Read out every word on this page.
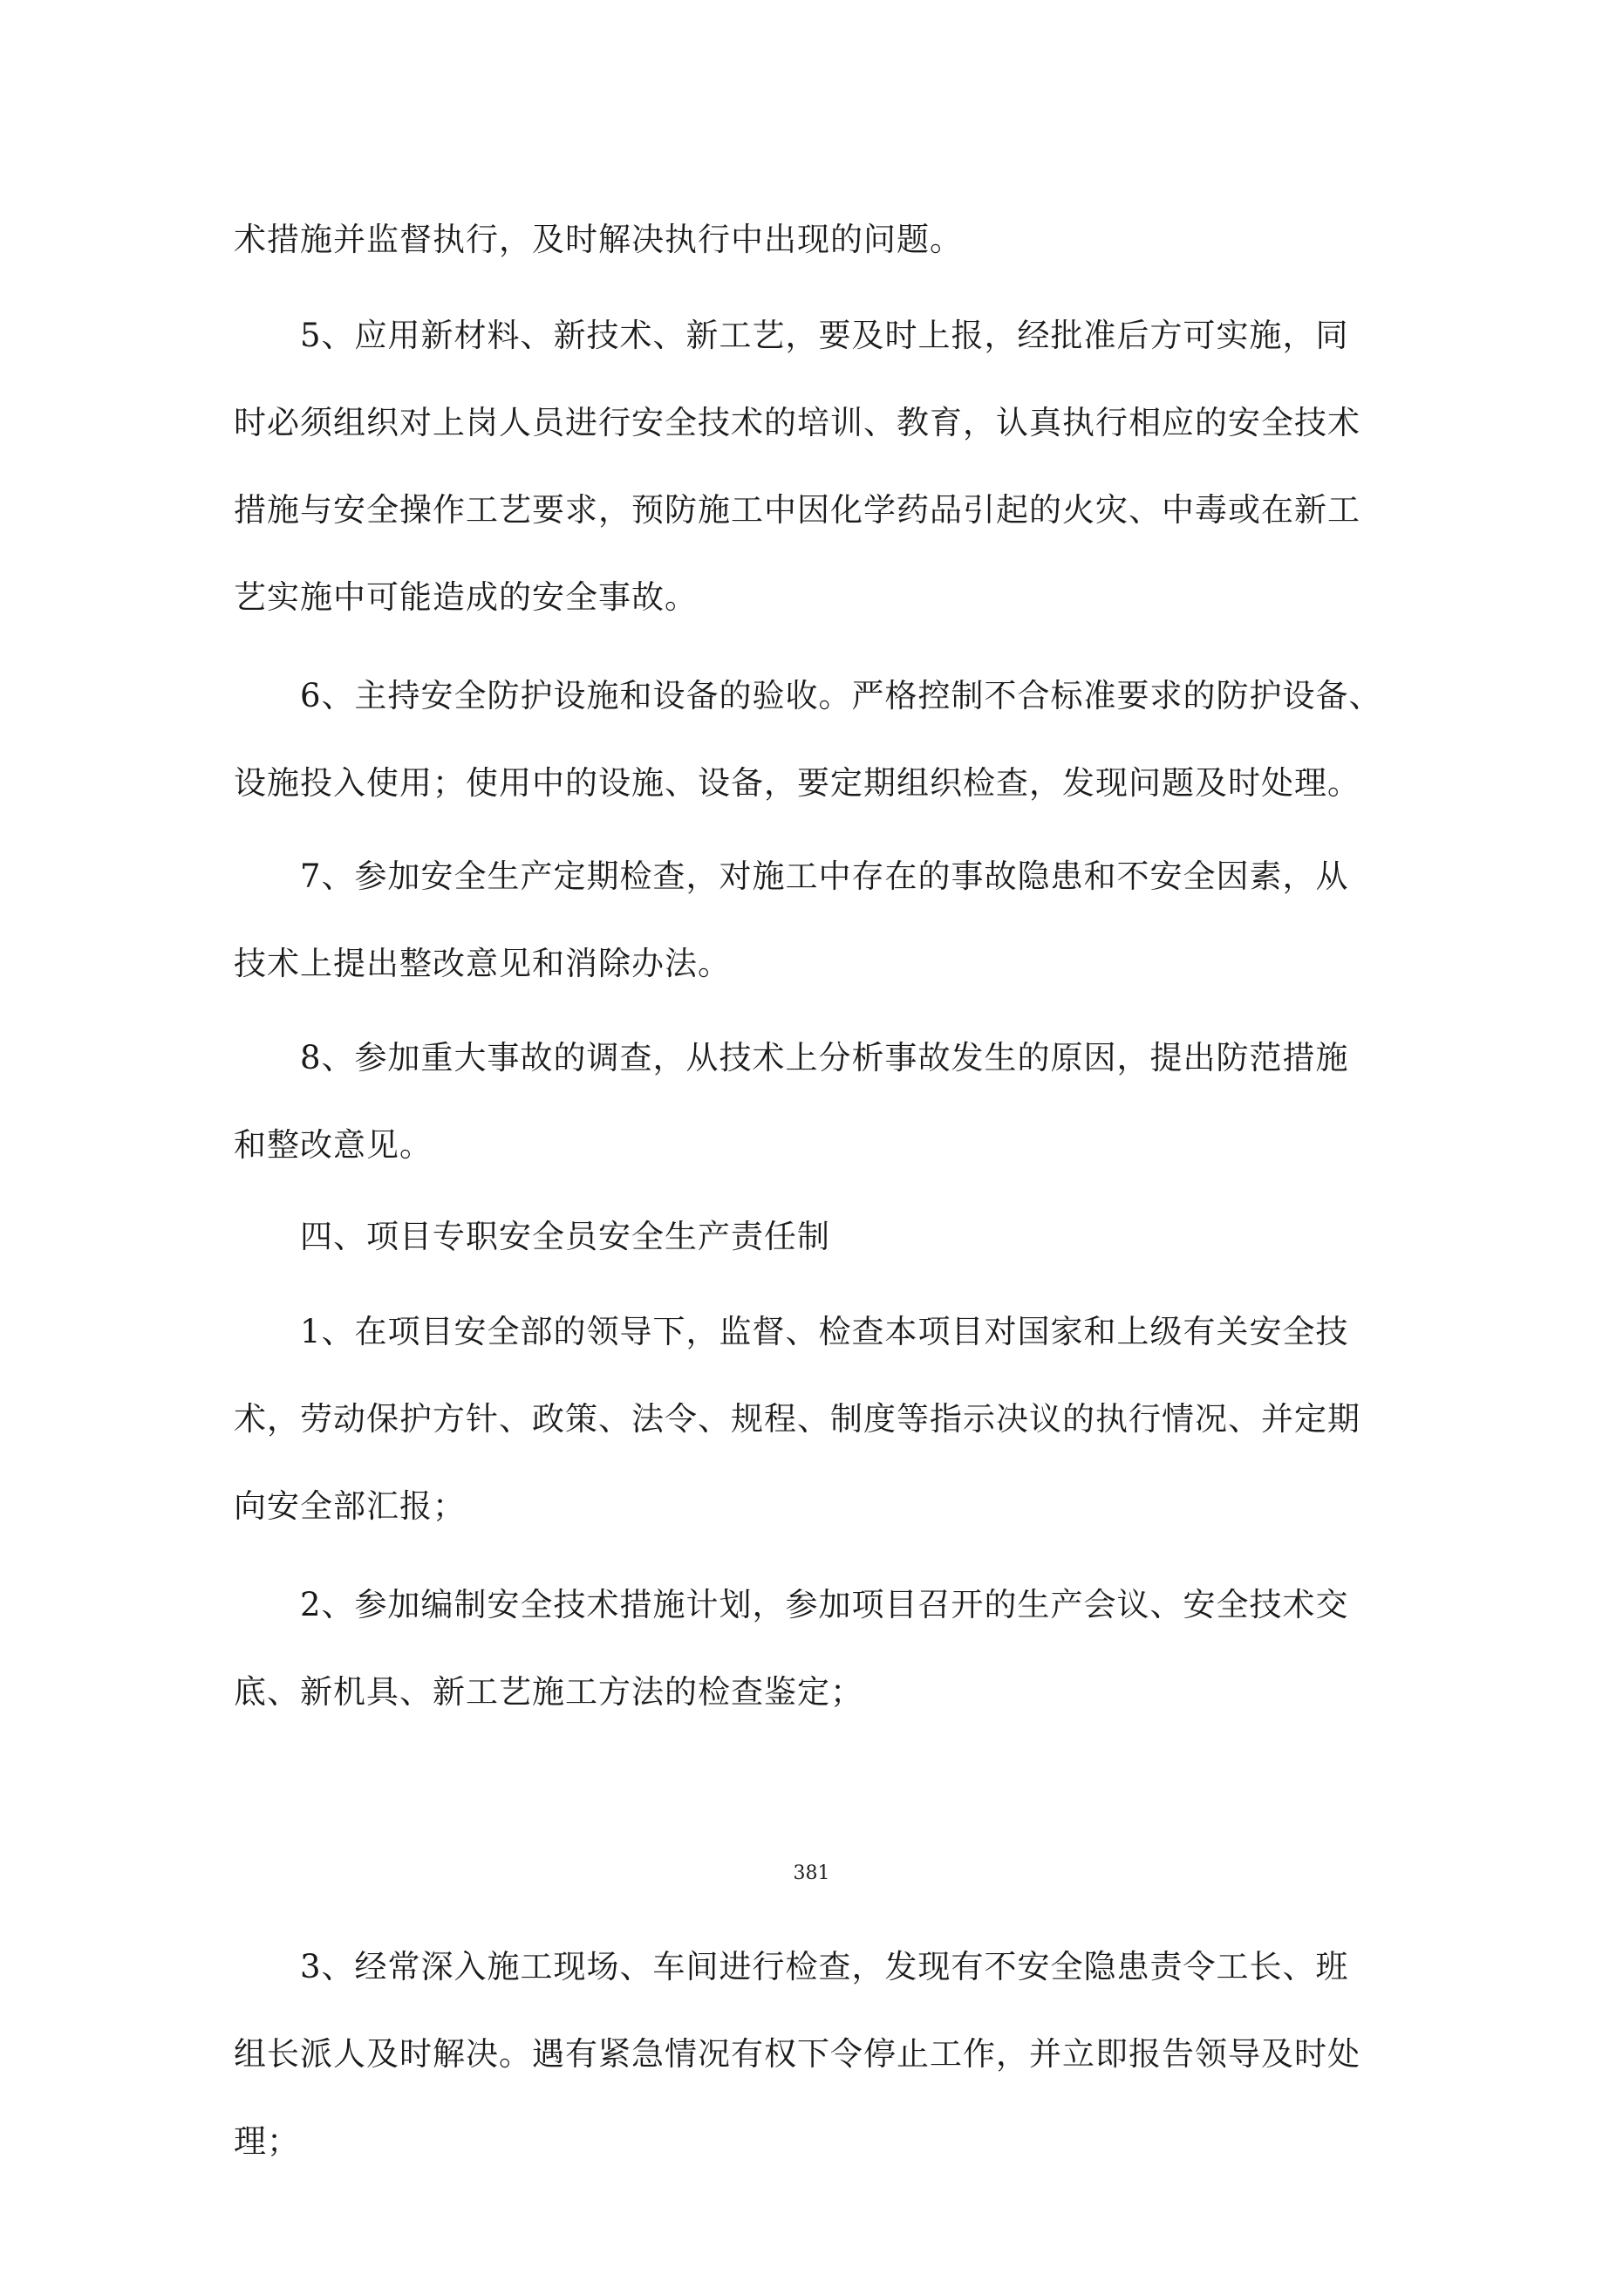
术措施并监督执行，及时解决执行中出现的问题。

　　5、应用新材料、新技术、新工艺，要及时上报，经批准后方可实施，同
时必须组织对上岗人员进行安全技术的培训、教育，认真执行相应的安全技术
措施与安全操作工艺要求，预防施工中因化学药品引起的火灾、中毒或在新工
艺实施中可能造成的安全事故。

　　6、主持安全防护设施和设备的验收。严格控制不合标准要求的防护设备、
设施投入使用；使用中的设施、设备，要定期组织检查，发现问题及时处理。

　　7、参加安全生产定期检查，对施工中存在的事故隐患和不安全因素，从
技术上提出整改意见和消除办法。

　　8、参加重大事故的调查，从技术上分析事故发生的原因，提出防范措施
和整改意见。

　　四、项目专职安全员安全生产责任制

　　1、在项目安全部的领导下，监督、检查本项目对国家和上级有关安全技
术，劳动保护方针、政策、法令、规程、制度等指示决议的执行情况、并定期
向安全部汇报；

　　2、参加编制安全技术措施计划，参加项目召开的生产会议、安全技术交
底、新机具、新工艺施工方法的检查鉴定；

381

　　3、经常深入施工现场、车间进行检查，发现有不安全隐患责令工长、班
组长派人及时解决。遇有紧急情况有权下令停止工作，并立即报告领导及时处
理；
